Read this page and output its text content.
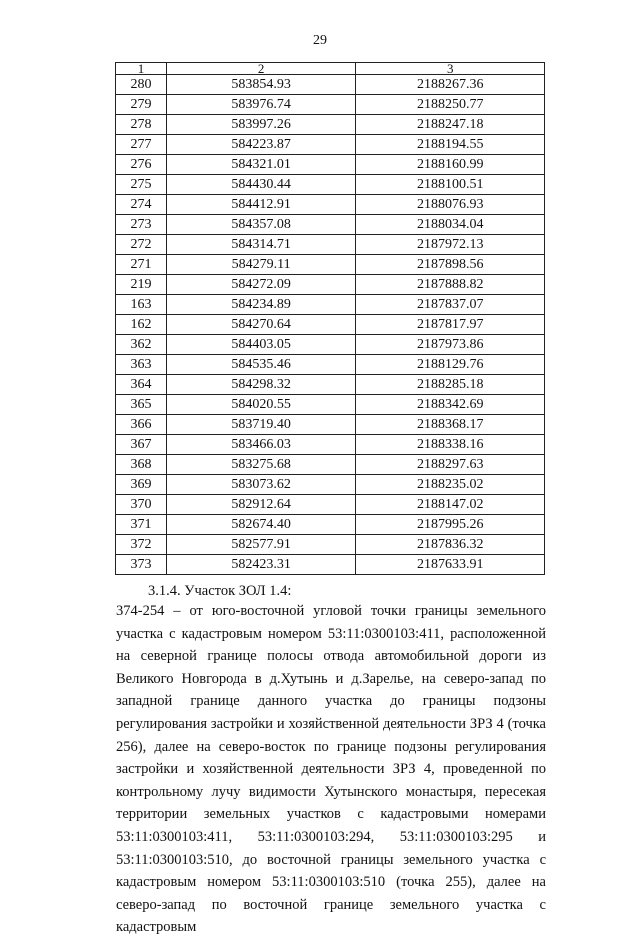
29
1	2	3
280	583854.93	2188267.36
279	583976.74	2188250.77
278	583997.26	2188247.18
277	584223.87	2188194.55
276	584321.01	2188160.99
275	584430.44	2188100.51
274	584412.91	2188076.93
273	584357.08	2188034.04
272	584314.71	2187972.13
271	584279.11	2187898.56
219	584272.09	2187888.82
163	584234.89	2187837.07
162	584270.64	2187817.97
362	584403.05	2187973.86
363	584535.46	2188129.76
364	584298.32	2188285.18
365	584020.55	2188342.69
366	583719.40	2188368.17
367	583466.03	2188338.16
368	583275.68	2188297.63
369	583073.62	2188235.02
370	582912.64	2188147.02
371	582674.40	2187995.26
372	582577.91	2187836.32
373	582423.31	2187633.91
3.1.4. Участок ЗОЛ 1.4:

374-254 – от юго-восточной угловой точки границы земельного участка с кадастровым номером 53:11:0300103:411, расположенной на северной границе полосы отвода автомобильной дороги из Великого Новгорода в д.Хутынь и д.Зарелье, на северо-запад по западной границе данного участка до границы подзоны регулирования застройки и хозяйственной деятельности ЗРЗ 4 (точка 256), далее на северо-восток по границе подзоны регулирования застройки и хозяйственной деятельности ЗРЗ 4, проведенной по контрольному лучу видимости Хутынского монастыря, пересекая территории земельных участков с кадастровыми номерами 53:11:0300103:411, 53:11:0300103:294, 53:11:0300103:295 и 53:11:0300103:510, до восточной границы земельного участка с кадастровым номером 53:11:0300103:510 (точка 255), далее на северо-запад по восточной границе земельного участка с кадастровым
